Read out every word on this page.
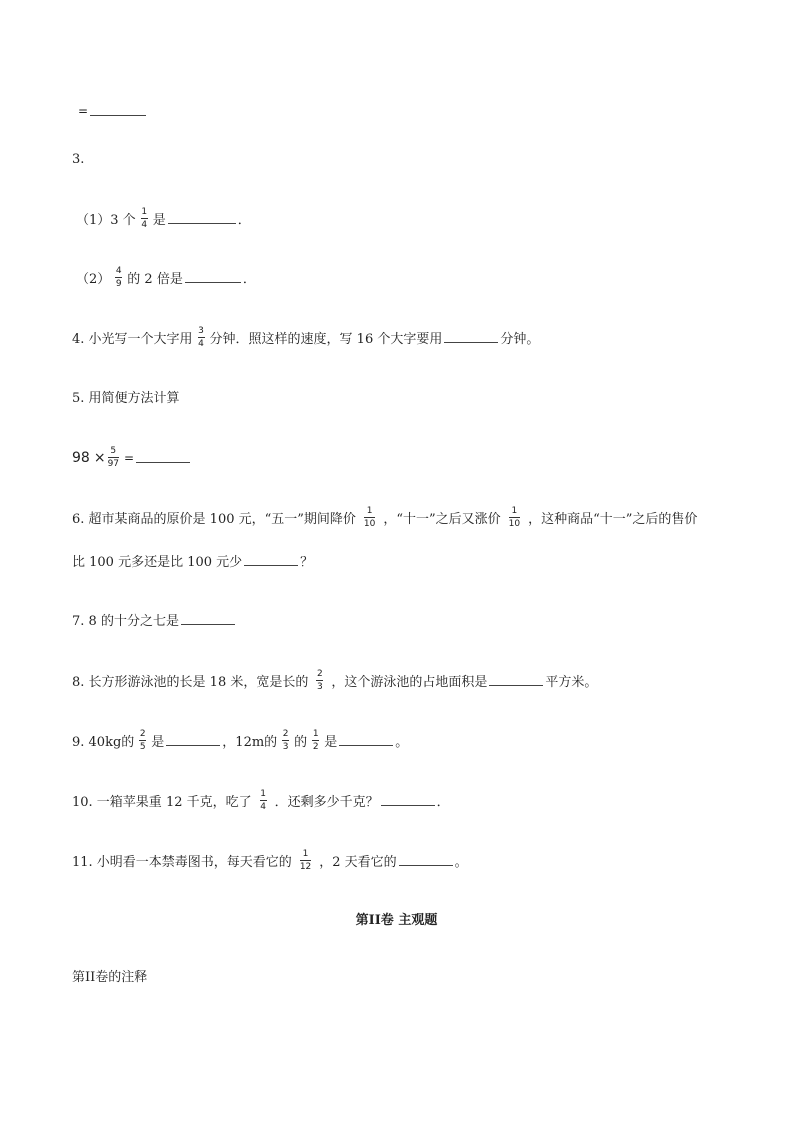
=
3.
（1）3 个 $\frac{1}{4}$ 是	．
$(2) \frac{4}{9}$ 的 2 倍是	．
4. 小光写一个大字用 $\frac{3}{4}$ 分钟．照这样的速度，写 16 个大字要用	分钟。
5. 用简便方法计算
$98 \times \frac{5}{97}$ =
6. 超市某商品的原价是 100 元，“五一”期间降价 $\frac{1}{10}$ ，“十一”之后又涨价 $\frac{1}{10}$ ，这种商品“十一”之后的售价
比 100 元多还是比 100 元少	？
7. 8 的十分之七是
8. 长方形游泳池的长是 18 米，宽是长的 $\frac{2}{3}$ ，这个游泳池的占地面积是	平方米。
9. 40kg的 $\frac{2}{5}$ 是	，12m的 $\frac{2}{3}$ 的 $\frac{1}{2}$ 是	。
10. 一箱苹果重 12 千克，吃了 $\frac{1}{4}$ ．还剩多少千克？	．
11. 小明看一本禁毒图书，每天看它的 $\frac{1}{12}$ ，2 天看它的	。
第II卷 主观题
第II卷的注释
